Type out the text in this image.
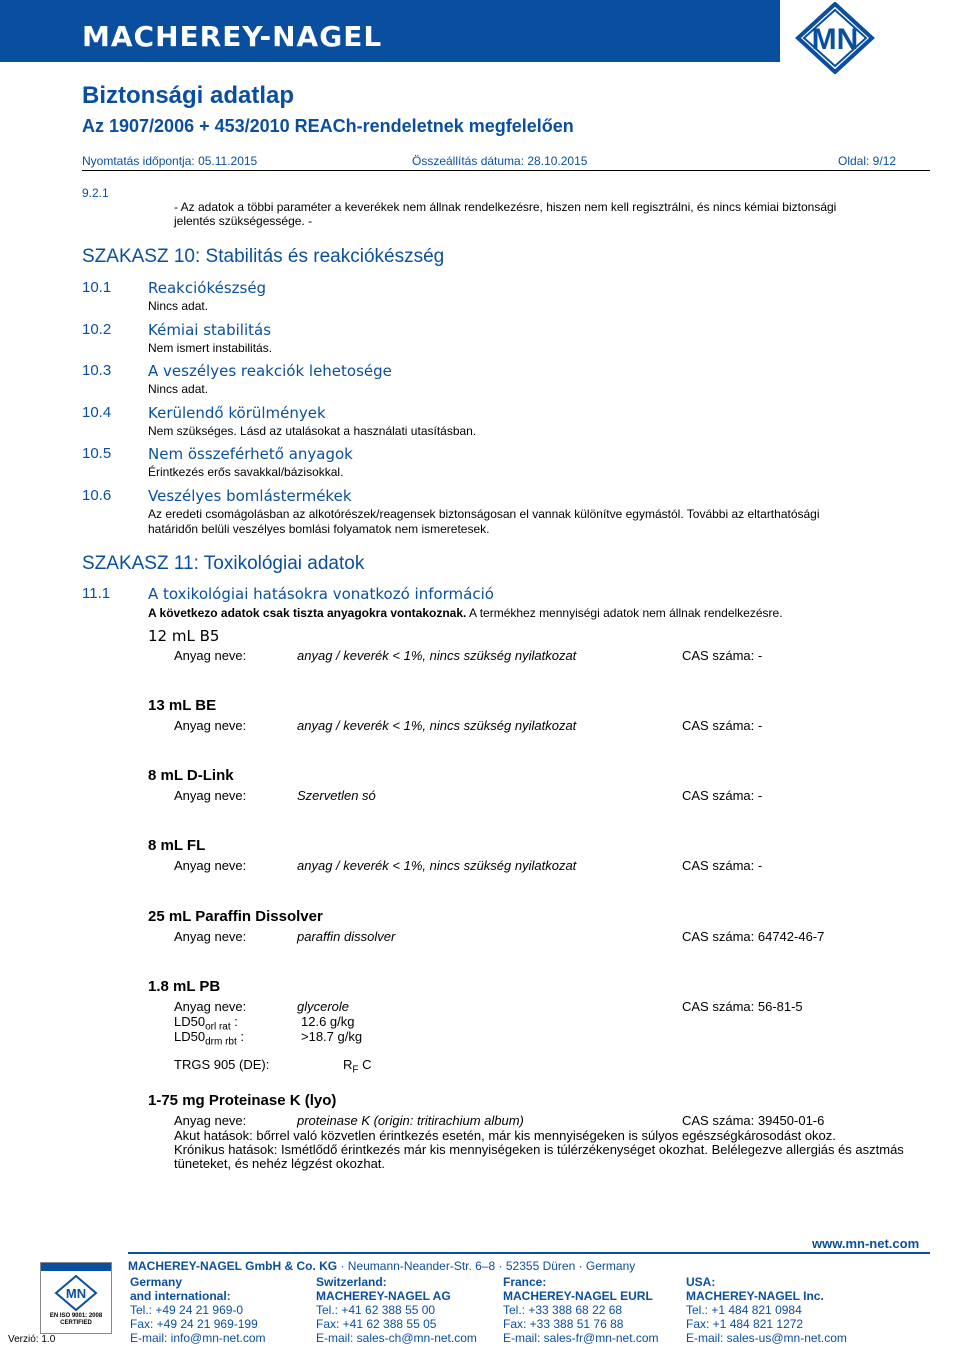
MACHEREY-NAGEL	MN
Biztonsági adatlap
Az 1907/2006 + 453/2010 REACh-rendeletnek megfelelően
Nyomtatás időpontja: 05.11.2015	Összeállítás dátuma: 28.10.2015	Oldal: 9/12
9.2.1
- Az adatok a többi paraméter a keverékek nem állnak rendelkezésre, hiszen nem kell regisztrálni, és nincs kémiai biztonsági
jelentés szükségessége. -
SZAKASZ 10: Stabilitás és reakciókészség
10.1 Reakciókészség
Nincs adat.
10.2 Kémiai stabilitás
Nem ismert instabilitás.
10.3 A veszélyes reakciók lehetosége
Nincs adat.
10.4 Kerülendő körülmények
Nem szükséges. Lásd az utalásokat a használati utasításban.
10.5 Nem összeférhető anyagok
Érintkezés erős savakkal/bázisokkal.
10.6 Veszélyes bomlástermékek
Az eredeti csomágolásban az alkotórészek/reagensek biztonságosan el vannak különítve egymástól. További az eltarthatósági
határidőn belüli veszélyes bomlási folyamatok nem ismeretesek.
SZAKASZ 11: Toxikológiai adatok
11.1	A toxikológiai hatásokra vonatkozó információ
A következo adatok csak tiszta anyagokra vontakoznak. A termékhez mennyiségi adatok nem állnak rendelkezésre.
12 mL B5
Anyag neve:	anyag / keverék < 1%, nincs szükség nyilatkozat	CAS száma: -
13 mL BE
Anyag neve:	anyag / keverék < 1%, nincs szükség nyilatkozat	CAS száma: -
8 mL D-Link
Anyag neve:	Szervetlen só	CAS száma: -
8 mL FL
Anyag neve:	anyag / keverék < 1%, nincs szükség nyilatkozat	CAS száma: -
25 mL Paraffin Dissolver
Anyag neve:	paraffin dissolver	CAS száma: 64742-46-7
1.8 mL PB
Anyag neve:	glycerole	CAS száma: 56-81-5
$LD50_{orl rat}$ :	12.6 g/kg
$LD50_{drm rbt}$ :	>18.7 g/kg
TRGS 905 (DE):	$R_F$ C
1-75 mg Proteinase K (lyo)
Anyag neve:	proteinase K (origin: tritirachium album)	CAS száma: 39450-01-6
Akut hatások: bőrrel való közvetlen érintkezés esetén, már kis mennyiségeken is súlyos egészségkárosodást okoz.
Krónikus hatások: Ismétlődő érintkezés már kis mennyiségeken is túlérzékenységet okozhat. Belélegezve allergiás és asztmás
tüneteket, és nehéz légzést okozhat.
www.mn-net.com
MACHEREY-NAGEL GmbH & Co. KG · Neumann-Neander-Str. 6–8 · 52355 Düren · Germany
MN
EN ISO 9001: 2008 CERTIFIED
Verzió: 1.0
Germany
and international:
Tel.: +49 24 21 969-0
Fax: +49 24 21 969-199
E-mail: info@mn-net.com
Switzerland:
MACHEREY-NAGEL AG
Tel.: +41 62 388 55 00
Fax: +41 62 388 55 05
E-mail: sales-ch@mn-net.com
France:
MACHEREY-NAGEL EURL
Tel.: +33 388 68 22 68
Fax: +33 388 51 76 88
E-mail: sales-fr@mn-net.com
USA:
MACHEREY-NAGEL Inc.
Tel.: +1 484 821 0984
Fax: +1 484 821 1272
E-mail: sales-us@mn-net.com
